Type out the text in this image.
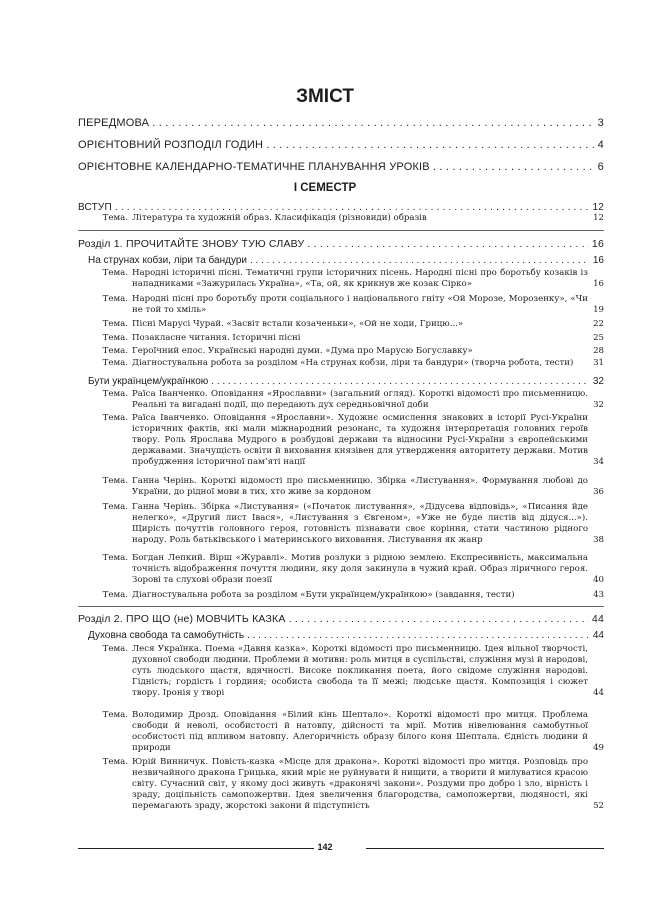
ЗМІСТ
ПЕРЕДМОВА . . .	3
ОРІЄНТОВНИЙ РОЗПОДІЛ ГОДИН . . .	4
ОРІЄНТОВНЕ КАЛЕНДАРНО-ТЕМАТИЧНЕ ПЛАНУВАННЯ УРОКІВ . . .	6
І СЕМЕСТР
ВСТУП . . .	12
Тема. Література та художній образ. Класифікація (різновиди) образів	12
Розділ 1. ПРОЧИТАЙТЕ ЗНОВУ ТУЮ СЛАВУ . . .	16
На струнах кобзи, ліри та бандури . . .	16
Тема. Народні історичні пісні. Тематичні групи історичних пісень. Народні пісні про боротьбу козаків із нападниками «Зажурилась Україна», «Та, ой, як крикнув же козак Сірко»	16
Тема. Народні пісні про боротьбу проти соціального і національного гніту «Ой Морозе, Морозенку», «Чи не той то хміль»	19
Тема. Пісні Марусі Чурай. «Засвіт встали козаченьки», «Ой не ходи, Грицю...»	22
Тема. Позакласне читання. Історичні пісні	25
Тема. Героїчний епос. Українські народні думи. «Дума про Марусю Богуславку»	28
Тема. Діагностувальна робота за розділом «На струнах кобзи, ліри та бандури» (творча робота, тести) 31
Бути українцем/українкою . . .	32
Тема. Раїса Іванченко. Оповідання «Ярославни» (загальний огляд). Короткі відомості про письменницю. Реальні та вигадані події, що передають дух середньовічної доби	32
Тема. Раїса Іванченко. Оповідання «Ярославни». Художнє осмислення знакових в історії Русі-України історичних фактів, які мали міжнародний резонанс, та художня інтерпретація головних героїв твору. Роль Ярослава Мудрого в розбудові держави та відносини Русі-України з європейськими державами. Значущість освіти й виховання князівен для утвердження авторитету держави. Мотив пробудження історичної пам’яті нації	34
Тема. Ганна Черінь. Короткі відомості про письменницю. Збірка «Листування». Формування любові до України, до рідної мови в тих, хто живе за кордоном	36
Тема. Ганна Черінь. Збірка «Листування» («Початок листування», «Дідусева відповідь», «Писання йде нелегко», «Другий лист Івася», «Листування з Євгеном», «Уже не буде листів від дідуся...»). Щирість почуттів головного героя, готовність пізнавати своє коріння, стати частиною рідного народу. Роль батьківського і материнського виховання. Листування як жанр	38
Тема. Богдан Лепкий. Вірш «Журавлі». Мотив розлуки з рідною землею. Експресивність, максимальна точність відображення почуття людини, яку доля закинула в чужий край. Образ ліричного героя. Зорові та слухові образи поезії	40
Тема. Діагностувальна робота за розділом «Бути українцем/українкою» (завдання, тести)	43
Розділ 2. ПРО ЩО (не) МОВЧИТЬ КАЗКА . . .	44
Духовна свобода та самобутність . . .	44
Тема. Леся Українка. Поема «Давня казка». Короткі відомості про письменницю. Ідея вільної творчості, духовної свободи людини. Проблеми й мотиви: роль митця в суспільстві, служіння музі й народові, суть людського щастя, вдячності. Високе покликання поета, його свідоме служіння народові. Гідність; гордість і гординя; особиста свобода та її межі; людське щастя. Композиція і сюжет твору. Іронія у творі	44
Тема. Володимир Дрозд. Оповідання «Білий кінь Шептало». Короткі відомості про митця. Проблема свободи й неволі, особистості й натовпу, дійсності та мрії. Мотив нівелювання самобутньої особистості під впливом натовпу. Алегоричність образу білого коня Шептала. Єдність людини й природи	49
Тема. Юрій Винничук. Повість-казка «Місце для дракона». Короткі відомості про митця. Розповідь про незвичайного дракона Грицька, який мріє не руйнувати й нищити, а творити й милуватися красою світу. Сучасний світ, у якому досі живуть «драконячі закони». Роздуми про добро і зло, вірність і зраду, доцільність самопожертви. Ідея звеличення благородства, самопожертви, людяності, які перемагають зраду, жорстокі закони й підступність	52
142
